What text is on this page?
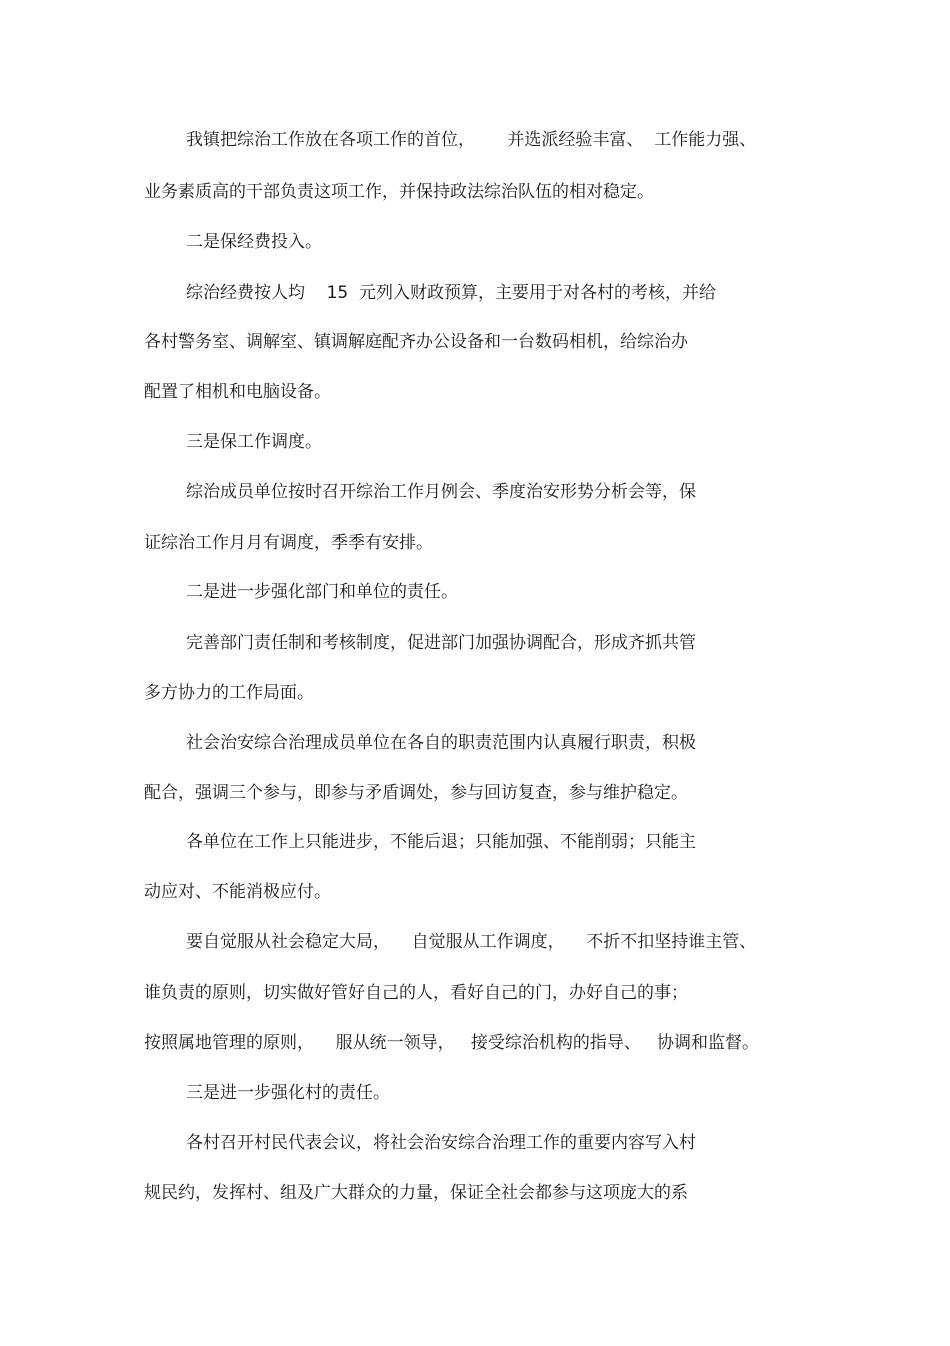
我镇把综治工作放在各项工作的首位，      并选派经验丰富、  工作能力强、
业务素质高的干部负责这项工作，并保持政法综治队伍的相对稳定。
二是保经费投入。
综治经费按人均    15  元列入财政预算，主要用于对各村的考核，并给
各村警务室、调解室、镇调解庭配齐办公设备和一台数码相机，给综治办
配置了相机和电脑设备。
三是保工作调度。
综治成员单位按时召开综治工作月例会、季度治安形势分析会等，保
证综治工作月月有调度，季季有安排。
二是进一步强化部门和单位的责任。
完善部门责任制和考核制度，促进部门加强协调配合，形成齐抓共管
多方协力的工作局面。
社会治安综合治理成员单位在各自的职责范围内认真履行职责，积极
配合，强调三个参与，即参与矛盾调处，参与回访复查，参与维护稳定。
各单位在工作上只能进步，不能后退；只能加强、不能削弱；只能主
动应对、不能消极应付。
要自觉服从社会稳定大局，    自觉服从工作调度，    不折不扣坚持谁主管、
谁负责的原则，切实做好管好自己的人，看好自己的门，办好自己的事；
按照属地管理的原则，    服从统一领导，   接受综治机构的指导、   协调和监督。
三是进一步强化村的责任。
各村召开村民代表会议，将社会治安综合治理工作的重要内容写入村
规民约，发挥村、组及广大群众的力量，保证全社会都参与这项庞大的系
